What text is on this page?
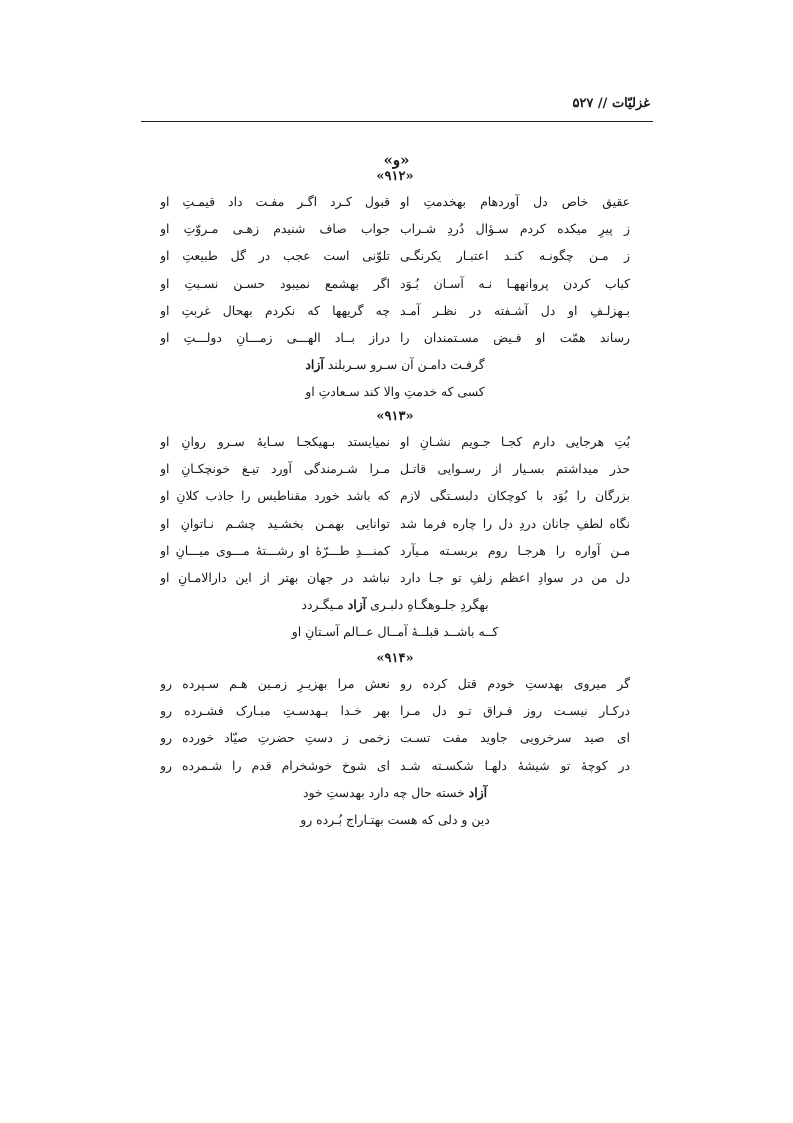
غزلیّات // ۵۲۷
«و»
«۹۱۲»
عقیق خاص دل آوردهام بهخدمتِ او
قبول کـرد اگـر مفـت داد قیمـتِ او
ز پیرِ میکده کردم سـؤال دُردِ شـراب
جواب صاف شنیدم زهـی مـروّتِ او
ز مـن چگونـه کنـد اعتبـار یکرنگـی
تلوّنی است عجب در گل طبیعتِ او
کباب کردن پروانههـا نـه آسـان بُـوَد
اگر بهشمع نمیبود حسـن نسـبتِ او
بـهزلـفِ او دل آشـفته در نظـر آمـد
چه گریهها که نکردم بهحال غربتِ او
رساند همّت او فـیض مسـتمندان را
دراز بــاد الهـــی زمـــانِ دولـــتِ او
گرفـت دامـن آن سـرو سـربلند آزاد
کسی که خدمتِ والا کند سـعادتِ او
«۹۱۳»
بُتِ هرجایی دارم کجـا جـویم نشـانِ او
نمیایستد بـهیکجـا سـایهٔ سـرو روانِ او
حذر میداشتم بسـیار از رسـوایی قاتـل
مـرا شـرمندگی آورد تیـغ خونچکـانِ او
بزرگان را بُوَد با کوچکان دلبسـتگی لازم
که باشد خورد مقناطیس را جاذب کلانِ او
نگاه لطفِ جانان دردِ دل را چاره فرما شد
توانایی بهمـن بخشـید چشـم نـاتوانِ او
مـن آواره را هرجـا روم بربسـته مـیآرد
کمنـــدِ طـــرّهٔ او رشـــتهٔ مـــوی میـــانِ او
دل من در سوادِ اعظم زلفِ تو جـا دارد
نباشد در جهان بهتر از این دارالامـانِ او
بهگردِ جلـوهگـاهِ دلبـری آزاد مـیگـردد
کــه باشــد قبلــهٔ آمــال عــالم آسـتانِ او
«۹۱۴»
گر میروی بهدستِ خودم قتل کرده رو
نعش مرا بهزیـرِ زمـین هـم سـپرده رو
درکـار نیسـت روز فـراق تـو دل مـرا
بهر خـدا بـهدسـتِ مبـارک فشـرده رو
ای صید سرخرویی جاوید مفت تسـت
زخمی ز دستِ حضرتِ صیّاد خورده رو
در کوچهٔ تو شیشهٔ دلهـا شکسـته شـد
ای شوخ خوشخرام قدم را شـمرده رو
آزاد خسته حال چه دارد بهدستِ خود
دین و دلی که هست بهتـاراج بُـرده رو
